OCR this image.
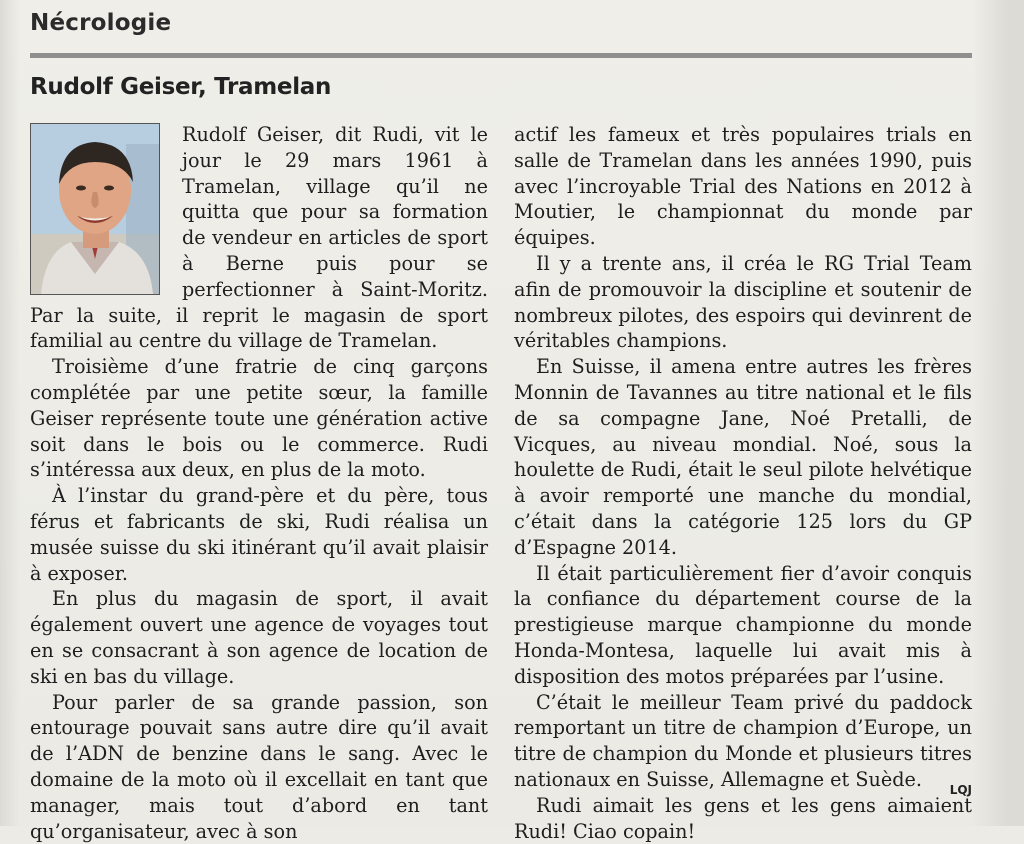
Nécrologie
Rudolf Geiser, Tramelan

Rudolf Geiser, dit Rudi, vit le jour le 29 mars 1961 à Tramelan, village qu’il ne quitta que pour sa formation de vendeur en articles de sport à Berne puis pour se perfectionner à Saint-Moritz. Par la suite, il reprit le magasin de sport familial au centre du village de Tramelan.

Troisième d’une fratrie de cinq garçons complétée par une petite sœur, la famille Geiser représente toute une génération active soit dans le bois ou le commerce. Rudi s’intéressa aux deux, en plus de la moto.

À l’instar du grand-père et du père, tous férus et fabricants de ski, Rudi réalisa un musée suisse du ski itinérant qu’il avait plaisir à exposer.

En plus du magasin de sport, il avait également ouvert une agence de voyages tout en se consacrant à son agence de location de ski en bas du village.

Pour parler de sa grande passion, son entourage pouvait sans autre dire qu’il avait de l’ADN de benzine dans le sang. Avec le domaine de la moto où il excellait en tant que manager, mais tout d’abord en tant qu’organisateur, avec à son

actif les fameux et très populaires trials en salle de Tramelan dans les années 1990, puis avec l’incroyable Trial des Nations en 2012 à Moutier, le championnat du monde par équipes.

Il y a trente ans, il créa le RG Trial Team afin de promouvoir la discipline et soutenir de nombreux pilotes, des espoirs qui devinrent de véritables champions.

En Suisse, il amena entre autres les frères Monnin de Tavannes au titre national et le fils de sa compagne Jane, Noé Pretalli, de Vicques, au niveau mondial. Noé, sous la houlette de Rudi, était le seul pilote helvétique à avoir remporté une manche du mondial, c’était dans la catégorie 125 lors du GP d’Espagne 2014.

Il était particulièrement fier d’avoir conquis la confiance du département course de la prestigieuse marque championne du monde Honda-Montesa, laquelle lui avait mis à disposition des motos préparées par l’usine.

C’était le meilleur Team privé du paddock remportant un titre de champion d’Europe, un titre de champion du Monde et plusieurs titres nationaux en Suisse, Allemagne et Suède.

Rudi aimait les gens et les gens aimaient Rudi! Ciao copain!

LQJ
